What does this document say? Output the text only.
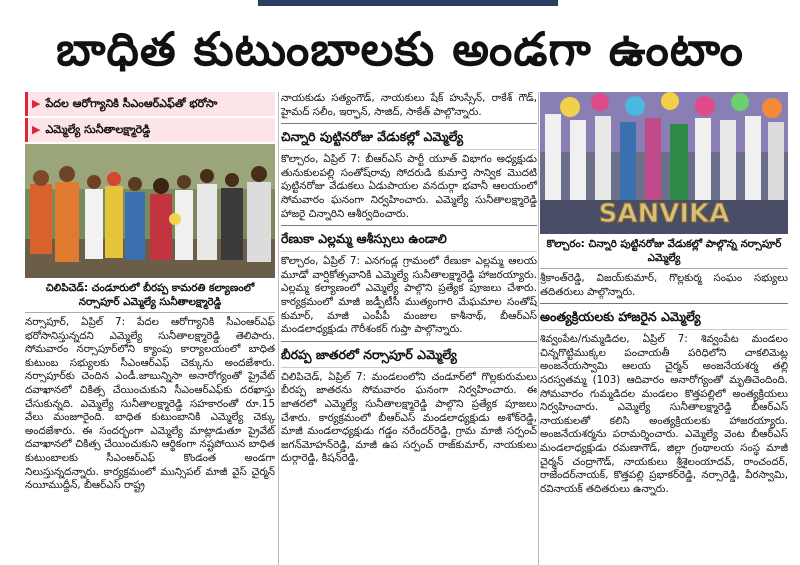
బాధిత కుటుంబాలకు అండగా ఉంటాం
▶ పేదల ఆరోగ్యానికి సీఎంఆర్ఎఫ్‌తో భరోసా
▶ ఎమ్మెల్యే సునీతాలక్ష్మారెడ్డి
చిలిపిచెడ్: చండూరులో బీరప్ప కామరతి కల్యాణంలో నర్సాపూర్ ఎమ్మెల్యే సునీతాలక్ష్మారెడ్డి

నర్సాపూర్, ఏప్రిల్ 7: పేదల ఆరోగ్యానికి సీఎంఆర్ఎఫ్ భరోసానిస్తున్నదని ఎమ్మెల్యే సునీతాలక్ష్మారెడ్డి తెలిపారు. సోమవారం నర్సాపూర్‌లోని క్యాంపు కార్యాలయంలో బాధిత కుటుంబ సభ్యులకు సీఎంఆర్ఎఫ్ చెక్కును అందజేశారు. నర్సాపూర్‌కు చెందిన ఎండీ.జాబున్నిసా అనారోగ్యంతో ప్రైవేట్ దవాఖానలో చికిత్స చేయించుకుని సీఎంఆర్ఎఫ్‌కు దరఖాస్తు చేసుకున్నది. ఎమ్మెల్యే సునీతాలక్ష్మారెడ్డి సహకారంతో రూ.15 వేలు మంజూరైంది. బాధిత కుటుంబానికి ఎమ్మెల్యే చెక్కు అందజేశారు. ఈ సందర్భంగా ఎమ్మెల్యే మాట్లాడుతూ ప్రైవేట్ దవాఖానలో చికిత్స చేయించుకుని ఆర్థికంగా నష్టపోయిన బాధిత కుటుంబాలకు సీఎంఆర్ఎఫ్ కొండంత అండగా నిలుస్తున్నదన్నారు. కార్యక్రమంలో మున్సిపల్ మాజీ వైస్ చైర్మన్ నయీముద్దీన్, బీఆర్ఎస్ రాష్ట్ర

నాయకుడు సత్యంగౌడ్, నాయకులు షేక్ హుస్సేన్, రాకేశ్ గౌడ్, హైమద్ సలీం, ఇర్ఫాన్, సాజిద్, సాకేత్ పాల్గొన్నారు.

చిన్నారి పుట్టినరోజు వేడుకల్లో ఎమ్మెల్యే

కొల్చారం, ఏప్రిల్ 7: బీఆర్ఎస్ పార్టీ యూత్ విభాగం అధ్యక్షుడు తునుకులపల్లి సంతోష్‌రావు సోదరుడి కుమార్తె సాన్విక మొదటి పుట్టినరోజు వేడుకలు ఏడుపాయల వనదుర్గా భవానీ ఆలయంలో సోమవారం ఘనంగా నిర్వహించారు. ఎమ్మెల్యే సునీతాలక్ష్మారెడ్డి హాజరై చిన్నారిని ఆశీర్వదించారు.

రేణుకా ఎల్లమ్మ ఆశీస్సులు ఉండాలి

కొల్చారం, ఏప్రిల్ 7: ఎనగండ్ల గ్రామంలో రేణుకా ఎల్లమ్మ ఆలయ మూడో వార్షికోత్సవానికి ఎమ్మెల్యే సునీతాలక్ష్మారెడ్డి హాజరయ్యారు. ఎల్లమ్మ కల్యాణంలో ఎమ్మెల్యే పాల్గొని ప్రత్యేక పూజలు చేశారు. కార్యక్రమంలో మాజీ జడ్పీటీసీ ముత్యంగారి మేఘమాల సంతోష్ కుమార్, మాజీ ఎంపీపీ మంజుల కాశీనాథ్, బీఆర్ఎస్ మండలాధ్యక్షుడు గౌరీశంకర్ గుప్తా పాల్గొన్నారు.

బీరప్ప జాతరలో నర్సాపూర్ ఎమ్మెల్యే

చిలిపిచెడ్, ఏప్రిల్ 7: మండలంలోని చండూర్‌లో గొల్లకురుమలు బీరప్ప జాతరను సోమవారం ఘనంగా నిర్వహించారు. ఈ జాతరలో ఎమ్మెల్యే సునీతాలక్ష్మారెడ్డి పాల్గొని ప్రత్యేక పూజలు చేశారు. కార్యక్రమంలో బీఆర్ఎస్ మండలాధ్యక్షుడు అశోక్‌రెడ్డి, మాజీ మండలాధ్యక్షుడు గడ్డం నరేందర్‌రెడ్డి, గ్రామ మాజీ సర్పంచ్ జగన్‌మోహన్‌రెడ్డి, మాజీ ఉప సర్పంచ్ రాజ్‌కుమార్, నాయకులు దుర్గారెడ్డి, కిషన్‌రెడ్డి,

SANVIKA
కొల్చారం: చిన్నారి పుట్టినరోజు వేడుకల్లో పాల్గొన్న నర్సాపూర్ ఎమ్మెల్యే

శ్రీకాంత్‌రెడ్డి, విజయ్‌కుమార్, గొల్లకుర్మ సంఘం సభ్యులు తదితరులు పాల్గొన్నారు.

అంత్యక్రియలకు హాజరైన ఎమ్మెల్యే

శివ్వంపేట/గుమ్మడిదల, ఏప్రిల్ 7: శివ్వంపేట మండలం చిన్నగొట్టిముక్కల పంచాయతీ పరిధిలోని చాకలిమెట్ల అంజనేయస్వామి ఆలయ చైర్మన్ అంజనేయశర్మ తల్లి సరస్వతమ్మ (103) ఆదివారం అనారోగ్యంతో మృతిచెందింది. సోమవారం గుమ్మడిదల మండలం కొత్తపల్లిలో అంత్యక్రియలు నిర్వహించారు. ఎమ్మెల్యే సునీతాలక్ష్మారెడ్డి బీఆర్ఎస్ నాయకులతో కలిసి అంత్యక్రియలకు హాజరయ్యారు. అంజనేయశర్మను పరామర్శించారు. ఎమ్మెల్యే వెంట బీఆర్ఎస్ మండలాధ్యక్షుడు రమణాగౌడ్, జిల్లా గ్రంథాలయ సంస్థ మాజీ చైర్మన్ చంద్రాగౌడ్, నాయకులు శ్రీశైలంయాదవ్, రాంచందర్, రాజేందర్‌నాయక్, కొత్తపల్లి ప్రభాకర్‌రెడ్డి, నర్సారెడ్డి, వీరస్వామి, రవినాయక్ తదితరులు ఉన్నారు.
